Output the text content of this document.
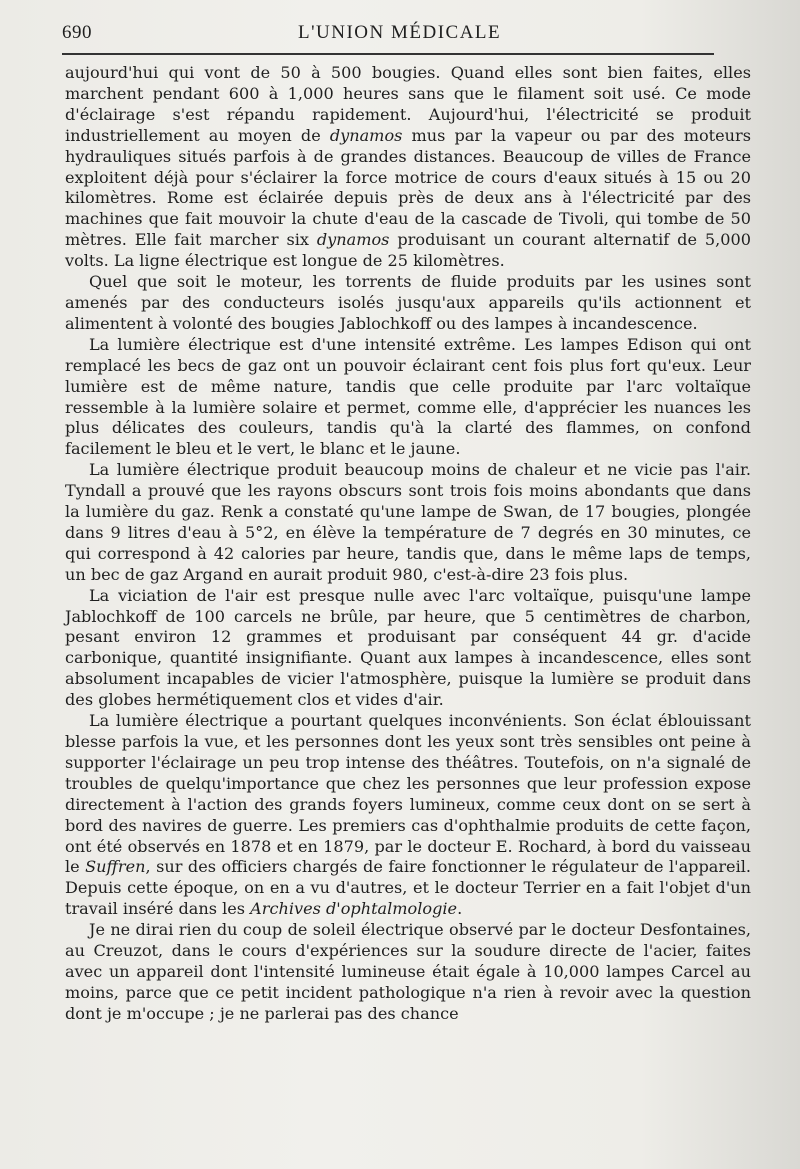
690	L'UNION MÉDICALE

aujourd'hui qui vont de 50 à 500 bougies. Quand elles sont bien faites, elles marchent pendant 600 à 1,000 heures sans que le filament soit usé. Ce mode d'éclairage s'est répandu rapidement. Aujourd'hui, l'électricité se produit industriellement au moyen de dynamos mus par la vapeur ou par des moteurs hydrauliques situés parfois à de grandes distances. Beaucoup de villes de France exploitent déjà pour s'éclairer la force motrice de cours d'eaux situés à 15 ou 20 kilomètres. Rome est éclairée depuis près de deux ans à l'électricité par des machines que fait mouvoir la chute d'eau de la cascade de Tivoli, qui tombe de 50 mètres. Elle fait marcher six dynamos produisant un courant alternatif de 5,000 volts. La ligne électrique est longue de 25 kilomètres.

Quel que soit le moteur, les torrents de fluide produits par les usines sont amenés par des conducteurs isolés jusqu'aux appareils qu'ils actionnent et alimentent à volonté des bougies Jablochkoff ou des lampes à incandescence.

La lumière électrique est d'une intensité extrême. Les lampes Edison qui ont remplacé les becs de gaz ont un pouvoir éclairant cent fois plus fort qu'eux. Leur lumière est de même nature, tandis que celle produite par l'arc voltaïque ressemble à la lumière solaire et permet, comme elle, d'apprécier les nuances les plus délicates des couleurs, tandis qu'à la clarté des flammes, on confond facilement le bleu et le vert, le blanc et le jaune.

La lumière électrique produit beaucoup moins de chaleur et ne vicie pas l'air. Tyndall a prouvé que les rayons obscurs sont trois fois moins abondants que dans la lumière du gaz. Renk a constaté qu'une lampe de Swan, de 17 bougies, plongée dans 9 litres d'eau à 5°2, en élève la température de 7 degrés en 30 minutes, ce qui correspond à 42 calories par heure, tandis que, dans le même laps de temps, un bec de gaz Argand en aurait produit 980, c'est-à-dire 23 fois plus.

La viciation de l'air est presque nulle avec l'arc voltaïque, puisqu'une lampe Jablochkoff de 100 carcels ne brûle, par heure, que 5 centimètres de charbon, pesant environ 12 grammes et produisant par conséquent 44 gr. d'acide carbonique, quantité insignifiante. Quant aux lampes à incandescence, elles sont absolument incapables de vicier l'atmosphère, puisque la lumière se produit dans des globes hermétiquement clos et vides d'air.

La lumière électrique a pourtant quelques inconvénients. Son éclat éblouissant blesse parfois la vue, et les personnes dont les yeux sont très sensibles ont peine à supporter l'éclairage un peu trop intense des théâtres. Toutefois, on n'a signalé de troubles de quelqu'importance que chez les personnes que leur profession expose directement à l'action des grands foyers lumineux, comme ceux dont on se sert à bord des navires de guerre. Les premiers cas d'ophthalmie produits de cette façon, ont été observés en 1878 et en 1879, par le docteur E. Rochard, à bord du vaisseau le Suffren, sur des officiers chargés de faire fonctionner le régulateur de l'appareil. Depuis cette époque, on en a vu d'autres, et le docteur Terrier en a fait l'objet d'un travail inséré dans les Archives d'ophtalmologie.

Je ne dirai rien du coup de soleil électrique observé par le docteur Desfontaines, au Creuzot, dans le cours d'expériences sur la soudure directe de l'acier, faites avec un appareil dont l'intensité lumineuse était égale à 10,000 lampes Carcel au moins, parce que ce petit incident pathologique n'a rien à revoir avec la question dont je m'occupe ; je ne parlerai pas des chance
